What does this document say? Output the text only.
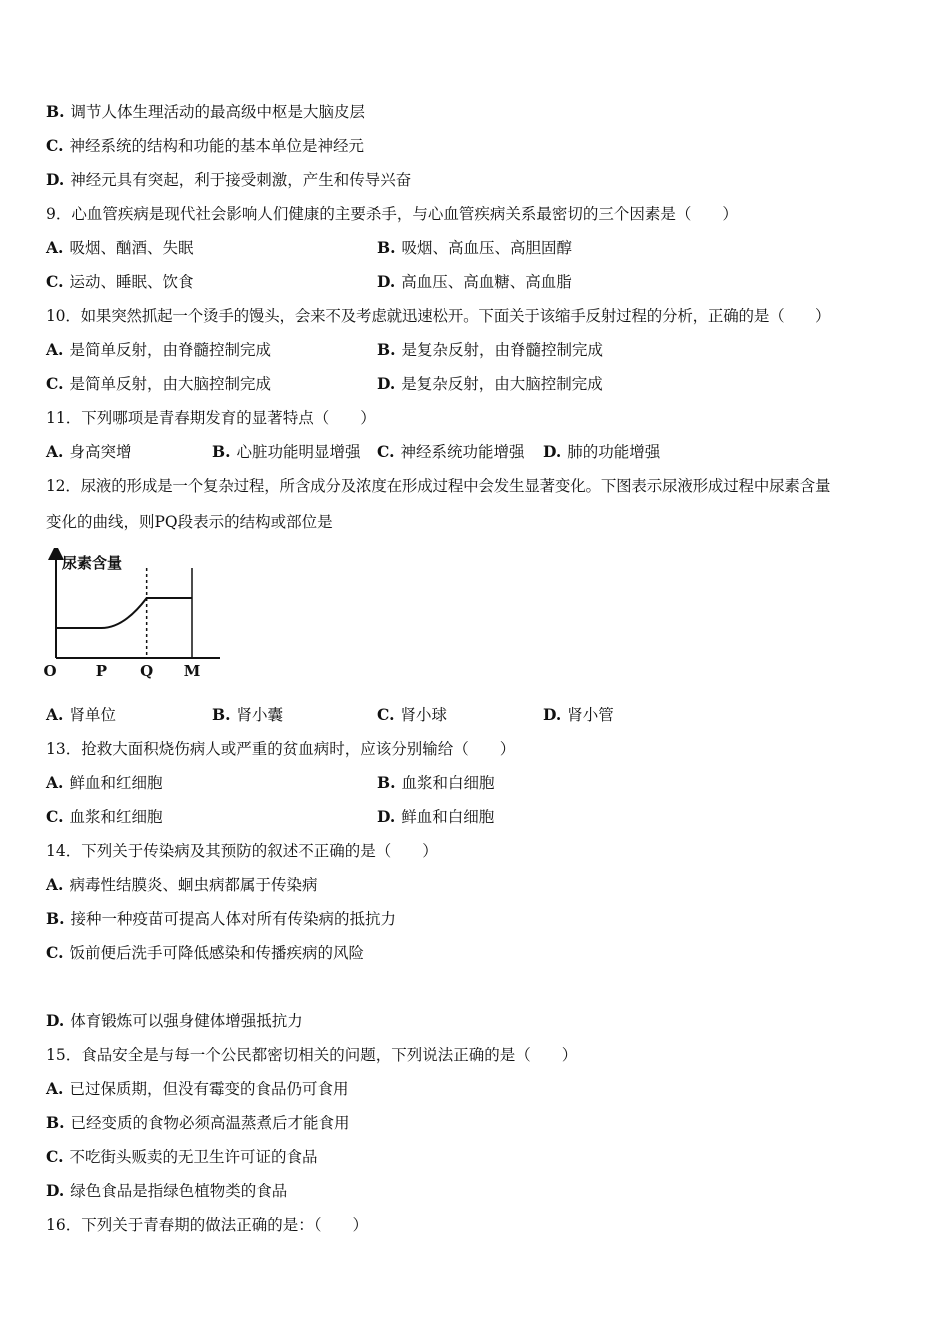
B. 调节人体生理活动的最高级中枢是大脑皮层
C. 神经系统的结构和功能的基本单位是神经元
D. 神经元具有突起，利于接受刺激，产生和传导兴奋
9．心血管疾病是现代社会影响人们健康的主要杀手，与心血管疾病关系最密切的三个因素是（　　）
A. 吸烟、酗酒、失眠	B. 吸烟、高血压、高胆固醇
C. 运动、睡眠、饮食	D. 高血压、高血糖、高血脂
10．如果突然抓起一个烫手的馒头，会来不及考虑就迅速松开。下面关于该缩手反射过程的分析，正确的是（　　）
A. 是简单反射，由脊髓控制完成	B. 是复杂反射，由脊髓控制完成
C. 是简单反射，由大脑控制完成	D. 是复杂反射，由大脑控制完成
11．下列哪项是青春期发育的显著特点（　　）
A. 身高突增	B. 心脏功能明显增强 C. 神经系统功能增强 D. 肺的功能增强
12．尿液的形成是一个复杂过程，所含成分及浓度在形成过程中会发生显著变化。下图表示尿液形成过程中尿素含量
变化的曲线，则PQ段表示的结构或部位是
尿素含量
O	P Q M
A. 肾单位	B. 肾小囊	C. 肾小球	D. 肾小管
13．抢救大面积烧伤病人或严重的贫血病时，应该分别输给（　　）
A. 鲜血和红细胞	B. 血浆和白细胞
C. 血浆和红细胞	D. 鲜血和白细胞
14．下列关于传染病及其预防的叙述不正确的是（　　）
A. 病毒性结膜炎、蛔虫病都属于传染病
B. 接种一种疫苗可提高人体对所有传染病的抵抗力
C. 饭前便后洗手可降低感染和传播疾病的风险
D. 体育锻炼可以强身健体增强抵抗力
15．食品安全是与每一个公民都密切相关的问题，下列说法正确的是（　　）
A. 已过保质期，但没有霉变的食品仍可食用
B. 已经变质的食物必须高温蒸煮后才能食用
C. 不吃街头贩卖的无卫生许可证的食品
D. 绿色食品是指绿色植物类的食品
16．下列关于青春期的做法正确的是：（　　）
